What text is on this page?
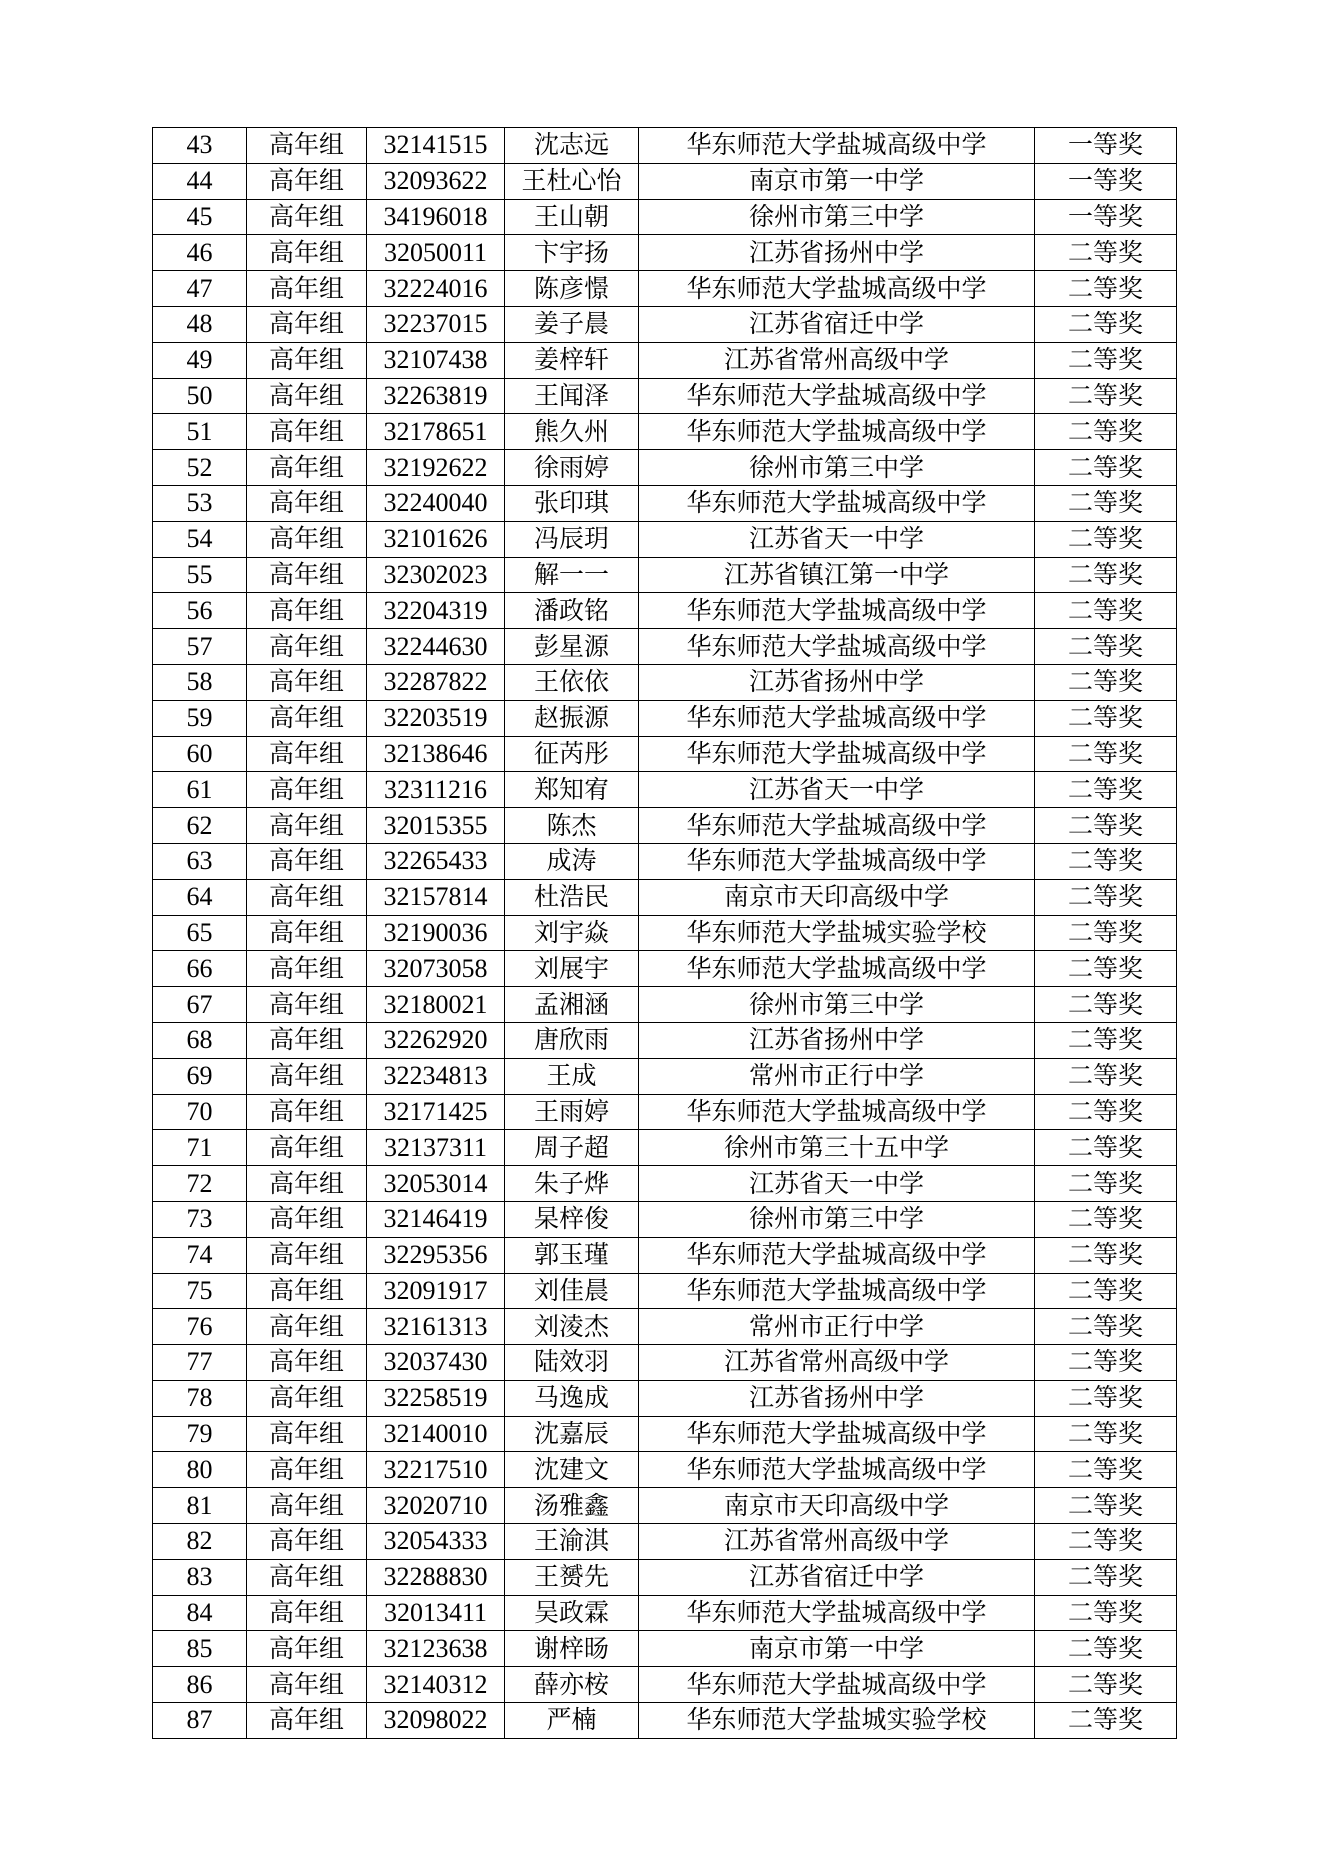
43	高年组	32141515	沈志远	华东师范大学盐城高级中学	一等奖
44	高年组	32093622	王杜心怡	南京市第一中学	一等奖
45	高年组	34196018	王山朝	徐州市第三中学	一等奖
46	高年组	32050011	卞宇扬	江苏省扬州中学	二等奖
47	高年组	32224016	陈彦憬	华东师范大学盐城高级中学	二等奖
48	高年组	32237015	姜子晨	江苏省宿迁中学	二等奖
49	高年组	32107438	姜梓轩	江苏省常州高级中学	二等奖
50	高年组	32263819	王闻泽	华东师范大学盐城高级中学	二等奖
51	高年组	32178651	熊久州	华东师范大学盐城高级中学	二等奖
52	高年组	32192622	徐雨婷	徐州市第三中学	二等奖
53	高年组	32240040	张印琪	华东师范大学盐城高级中学	二等奖
54	高年组	32101626	冯辰玥	江苏省天一中学	二等奖
55	高年组	32302023	解一一	江苏省镇江第一中学	二等奖
56	高年组	32204319	潘政铭	华东师范大学盐城高级中学	二等奖
57	高年组	32244630	彭星源	华东师范大学盐城高级中学	二等奖
58	高年组	32287822	王依依	江苏省扬州中学	二等奖
59	高年组	32203519	赵振源	华东师范大学盐城高级中学	二等奖
60	高年组	32138646	征芮彤	华东师范大学盐城高级中学	二等奖
61	高年组	32311216	郑知宥	江苏省天一中学	二等奖
62	高年组	32015355	陈杰	华东师范大学盐城高级中学	二等奖
63	高年组	32265433	成涛	华东师范大学盐城高级中学	二等奖
64	高年组	32157814	杜浩民	南京市天印高级中学	二等奖
65	高年组	32190036	刘宇焱	华东师范大学盐城实验学校	二等奖
66	高年组	32073058	刘展宇	华东师范大学盐城高级中学	二等奖
67	高年组	32180021	孟湘涵	徐州市第三中学	二等奖
68	高年组	32262920	唐欣雨	江苏省扬州中学	二等奖
69	高年组	32234813	王成	常州市正行中学	二等奖
70	高年组	32171425	王雨婷	华东师范大学盐城高级中学	二等奖
71	高年组	32137311	周子超	徐州市第三十五中学	二等奖
72	高年组	32053014	朱子烨	江苏省天一中学	二等奖
73	高年组	32146419	杲梓俊	徐州市第三中学	二等奖
74	高年组	32295356	郭玉瑾	华东师范大学盐城高级中学	二等奖
75	高年组	32091917	刘佳晨	华东师范大学盐城高级中学	二等奖
76	高年组	32161313	刘淩杰	常州市正行中学	二等奖
77	高年组	32037430	陆效羽	江苏省常州高级中学	二等奖
78	高年组	32258519	马逸成	江苏省扬州中学	二等奖
79	高年组	32140010	沈嘉辰	华东师范大学盐城高级中学	二等奖
80	高年组	32217510	沈建文	华东师范大学盐城高级中学	二等奖
81	高年组	32020710	汤雅鑫	南京市天印高级中学	二等奖
82	高年组	32054333	王渝淇	江苏省常州高级中学	二等奖
83	高年组	32288830	王赟先	江苏省宿迁中学	二等奖
84	高年组	32013411	吴政霖	华东师范大学盐城高级中学	二等奖
85	高年组	32123638	谢梓旸	南京市第一中学	二等奖
86	高年组	32140312	薛亦桉	华东师范大学盐城高级中学	二等奖
87	高年组	32098022	严楠	华东师范大学盐城实验学校	二等奖
